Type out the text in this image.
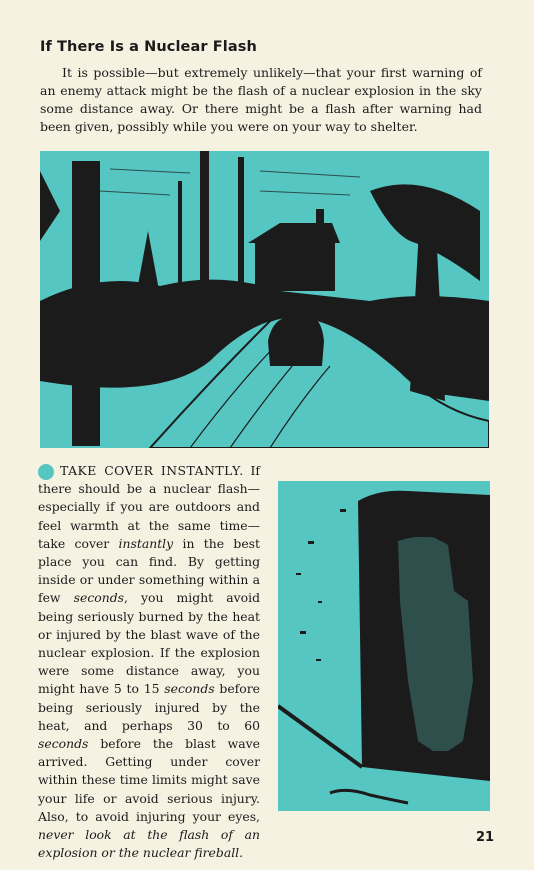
If There Is a Nuclear Flash

It is possible—but extremely unlikely—that your first warning of an enemy attack might be the flash of a nuclear explosion in the sky some distance away. Or there might be a flash after warning had been given, possibly while you were on your way to shelter.

TAKE COVER INSTANTLY. If there should be a nuclear flash—especially if you are outdoors and feel warmth at the same time—take cover instantly in the best place you can find. By getting inside or under something within a few seconds, you might avoid being seriously burned by the heat or injured by the blast wave of the nuclear explosion. If the explosion were some distance away, you might have 5 to 15 seconds before being seriously injured by the heat, and perhaps 30 to 60 seconds before the blast wave arrived. Getting under cover within these time limits might save your life or avoid serious injury. Also, to avoid injuring your eyes, never look at the flash of an explosion or the nuclear fireball.

21
